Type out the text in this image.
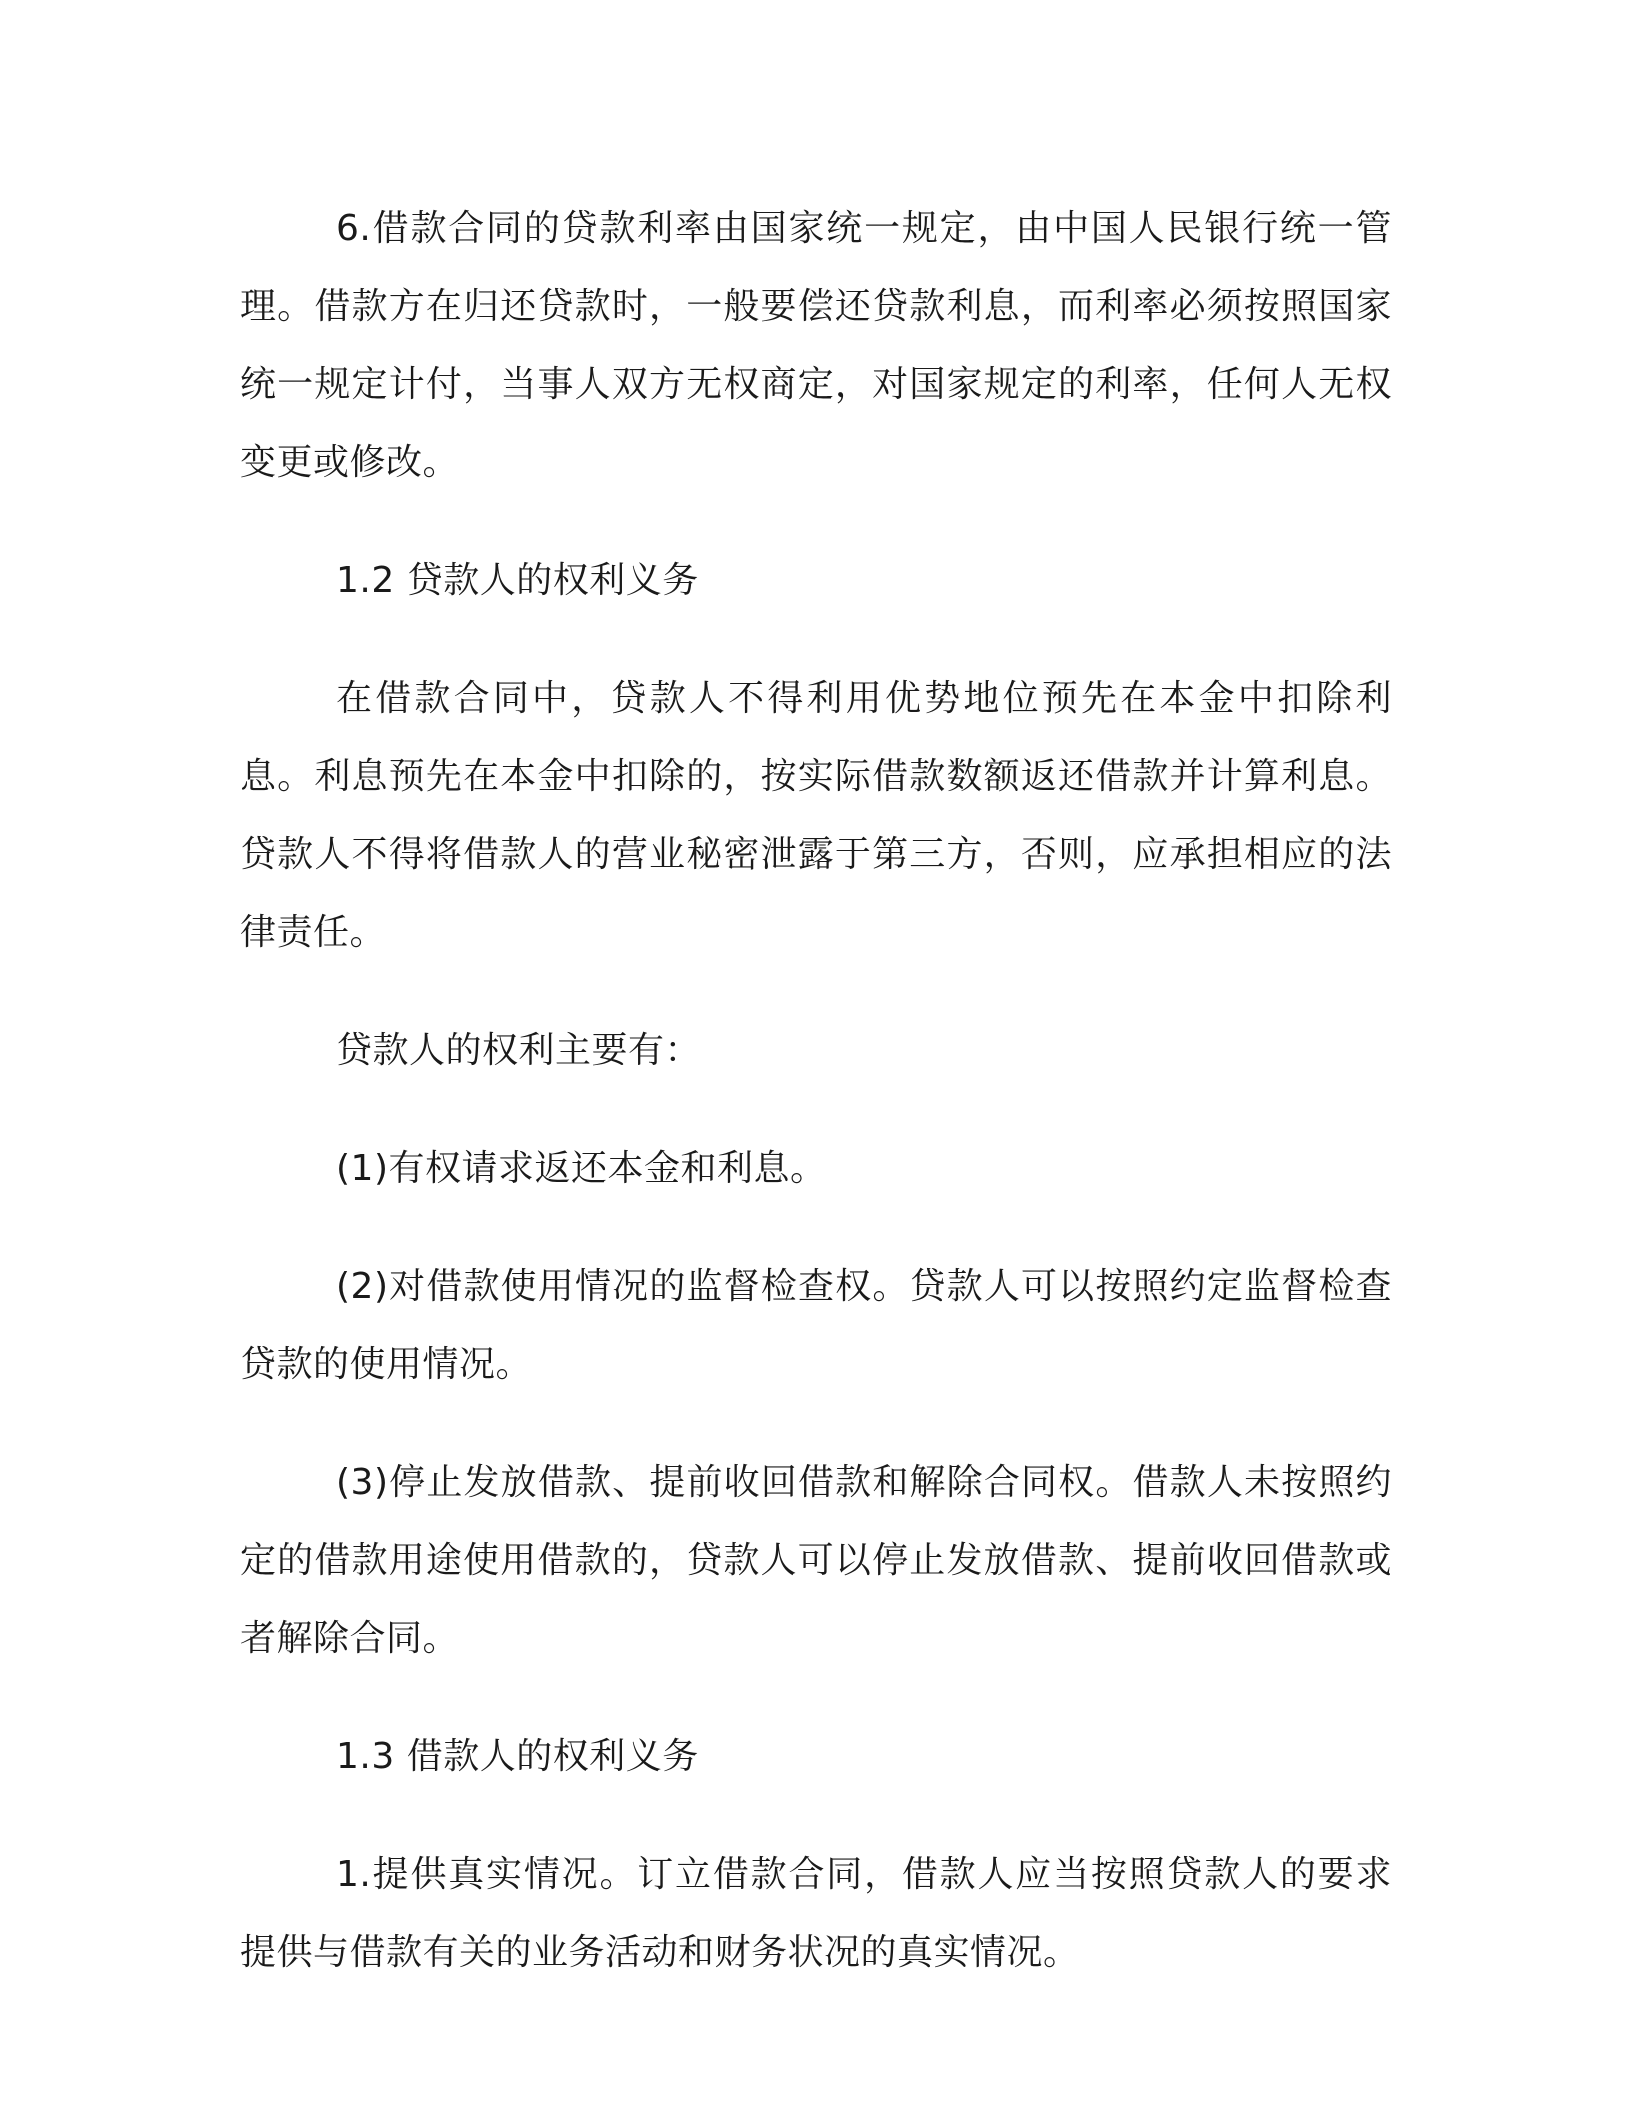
6.借款合同的贷款利率由国家统一规定，由中国人民银行统一管理。借款方在归还贷款时，一般要偿还贷款利息，而利率必须按照国家统一规定计付，当事人双方无权商定，对国家规定的利率，任何人无权变更或修改。

1.2 贷款人的权利义务

在借款合同中，贷款人不得利用优势地位预先在本金中扣除利息。利息预先在本金中扣除的，按实际借款数额返还借款并计算利息。贷款人不得将借款人的营业秘密泄露于第三方，否则，应承担相应的法律责任。

贷款人的权利主要有：

(1)有权请求返还本金和利息。

(2)对借款使用情况的监督检查权。贷款人可以按照约定监督检查贷款的使用情况。

(3)停止发放借款、提前收回借款和解除合同权。借款人未按照约定的借款用途使用借款的，贷款人可以停止发放借款、提前收回借款或者解除合同。

1.3 借款人的权利义务

1.提供真实情况。订立借款合同，借款人应当按照贷款人的要求提供与借款有关的业务活动和财务状况的真实情况。
